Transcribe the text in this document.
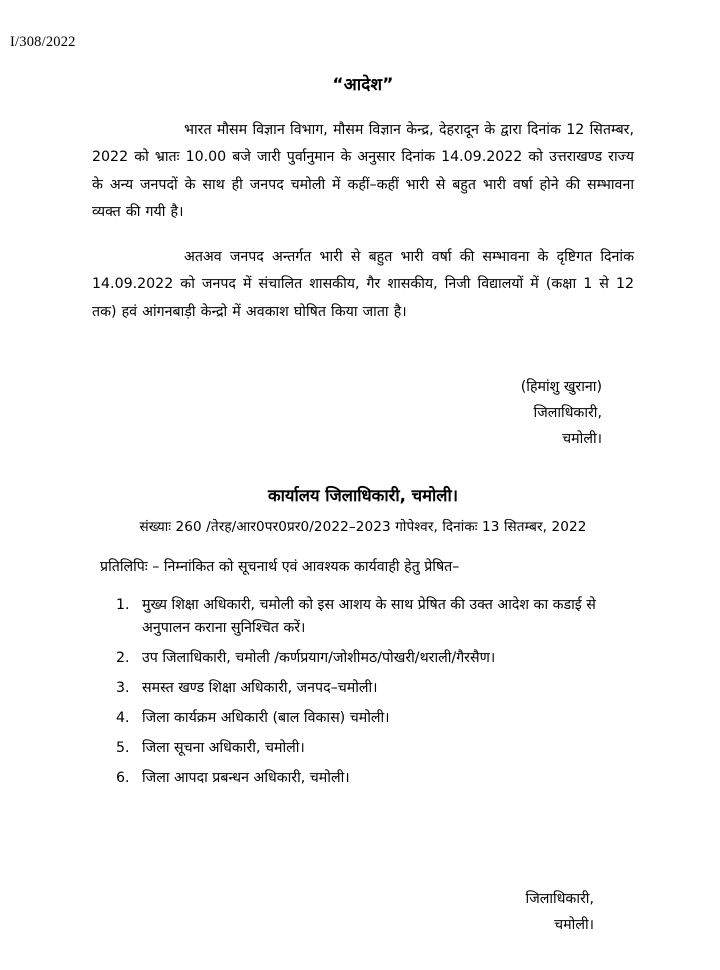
I/308/2022
“आदेश”

भारत मौसम विज्ञान विभाग, मौसम विज्ञान केन्द्र, देहरादून के द्वारा दिनांक 12 सितम्बर, 2022 को भ्रातः 10.00 बजे जारी पुर्वानुमान के अनुसार दिनांक 14.09.2022 को उत्तराखण्ड राज्य के अन्य जनपदों के साथ ही जनपद चमोली में कहीं–कहीं भारी से बहुत भारी वर्षा होने की सम्भावना व्यक्त की गयी है।

अतअव जनपद अन्तर्गत भारी से बहुत भारी वर्षा की सम्भावना के दृष्टिगत दिनांक 14.09.2022 को जनपद में संचालित शासकीय, गैर शासकीय, निजी विद्यालयों में (कक्षा 1 से 12 तक) हवं आंगनबाड़ी केन्द्रो में अवकाश घोषित किया जाता है।

(हिमांशु खुराना)
जिलाधिकारी,
चमोली।
कार्यालय जिलाधिकारी, चमोली।
संख्याः 260 /तेरह/आर0पर0प्रर0/2022–2023 गोपेश्वर, दिनांकः 13 सितम्बर, 2022
प्रतिलिपिः – निम्नांकित को सूचनार्थ एवं आवश्यक कार्यवाही हेतु प्रेषित–
1. मुख्य शिक्षा अधिकारी, चमोली को इस आशय के साथ प्रेषित की उक्त आदेश का कडाई से अनुपालन कराना सुनिश्चित करें।
2. उप जिलाधिकारी, चमोली /कर्णप्रयाग/जोशीमठ/पोखरी/थराली/गैरसैण।
3. समस्त खण्ड शिक्षा अधिकारी, जनपद–चमोली।
4. जिला कार्यक्रम अधिकारी (बाल विकास) चमोली।
5. जिला सूचना अधिकारी, चमोली।
6. जिला आपदा प्रबन्धन अधिकारी, चमोली।
जिलाधिकारी,
चमोली।
